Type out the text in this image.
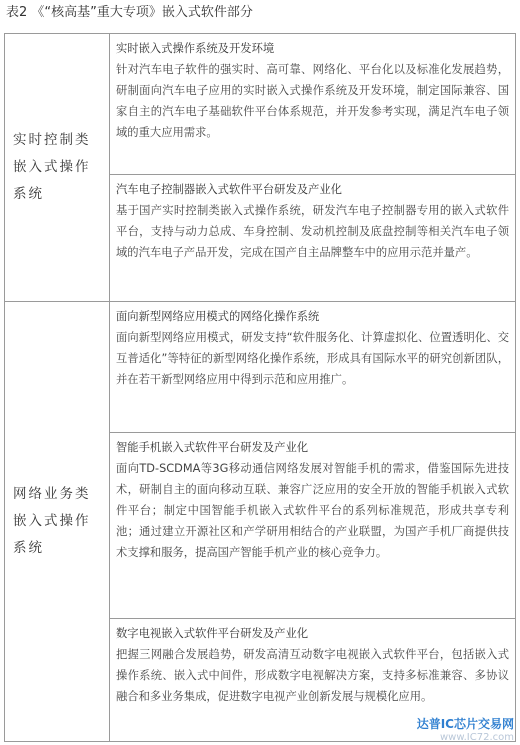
表2 《“核高基”重大专项》嵌入式软件部分
实时控制类嵌入式操作系统	实时嵌入式操作系统及开发环境
针对汽车电子软件的强实时、高可靠、网络化、平台化以及标准化发展趋势，研制面向汽车电子应用的实时嵌入式操作系统及开发环境，制定国际兼容、国家自主的汽车电子基础软件平台体系规范，并开发参考实现，满足汽车电子领域的重大应用需求。

	汽车电子控制器嵌入式软件平台研发及产业化
基于国产实时控制类嵌入式操作系统，研发汽车电子控制器专用的嵌入式软件平台，支持与动力总成、车身控制、发动机控制及底盘控制等相关汽车电子领域的汽车电子产品开发，完成在国产自主品牌整车中的应用示范并量产。

网络业务类嵌入式操作系统	面向新型网络应用模式的网络化操作系统
面向新型网络应用模式，研发支持“软件服务化、计算虚拟化、位置透明化、交互普适化”等特征的新型网络化操作系统，形成具有国际水平的研究创新团队，并在若干新型网络应用中得到示范和应用推广。

	智能手机嵌入式软件平台研发及产业化
面向TD-SCDMA等3G移动通信网络发展对智能手机的需求，借鉴国际先进技术，研制自主的面向移动互联、兼容广泛应用的安全开放的智能手机嵌入式软件平台；制定中国智能手机嵌入式软件平台的系列标准规范，形成共享专利池；通过建立开源社区和产学研用相结合的产业联盟，为国产手机厂商提供技术支撑和服务，提高国产智能手机产业的核心竞争力。

	数字电视嵌入式软件平台研发及产业化
把握三网融合发展趋势，研发高清互动数字电视嵌入式软件平台，包括嵌入式操作系统、嵌入式中间件，形成数字电视解决方案，支持多标准兼容、多协议融合和多业务集成，促进数字电视产业创新发展与规模化应用。
达普IC芯片交易网
www.IC72.com
